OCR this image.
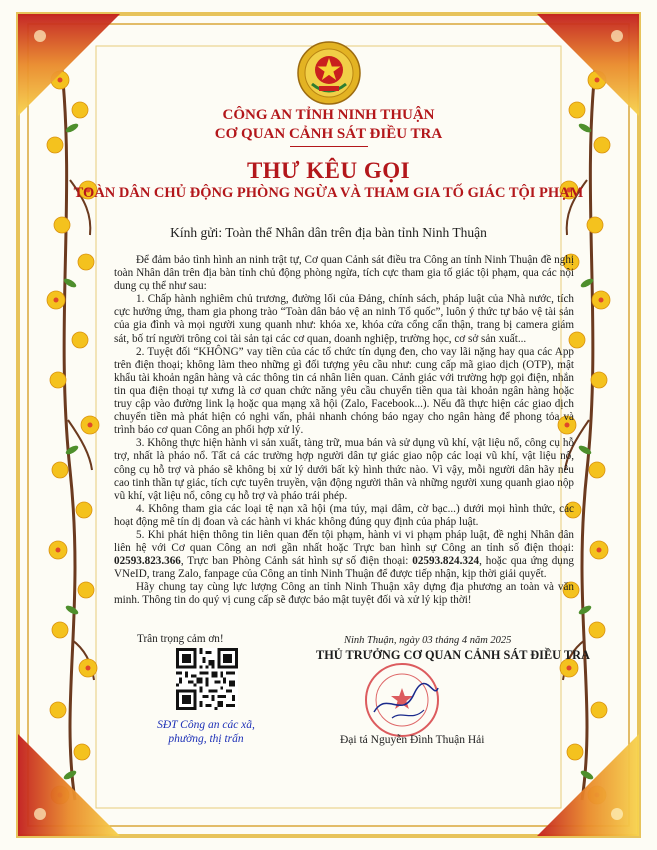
CÔNG AN TỈNH NINH THUẬN
CƠ QUAN CẢNH SÁT ĐIỀU TRA
THƯ KÊU GỌI
TOÀN DÂN CHỦ ĐỘNG PHÒNG NGỪA VÀ THAM GIA TỐ GIÁC TỘI PHẠM
Kính gửi: Toàn thể Nhân dân trên địa bàn tỉnh Ninh Thuận

Để đảm bảo tình hình an ninh trật tự, Cơ quan Cảnh sát điều tra Công an tỉnh Ninh Thuận đề nghị toàn Nhân dân trên địa bàn tỉnh chủ động phòng ngừa, tích cực tham gia tố giác tội phạm, qua các nội dung cụ thể như sau:

1. Chấp hành nghiêm chủ trương, đường lối của Đảng, chính sách, pháp luật của Nhà nước, tích cực hưởng ứng, tham gia phong trào “Toàn dân bảo vệ an ninh Tổ quốc”, luôn ý thức tự bảo vệ tài sản của gia đình và mọi người xung quanh như: khóa xe, khóa cửa cổng cẩn thận, trang bị camera giám sát, bố trí người trông coi tài sản tại các cơ quan, doanh nghiệp, trường học, cơ sở sản xuất...

2. Tuyệt đối “KHÔNG” vay tiền của các tổ chức tín dụng đen, cho vay lãi nặng hay qua các App trên điện thoại; không làm theo những gì đối tượng yêu cầu như: cung cấp mã giao dịch (OTP), mật khẩu tài khoản ngân hàng và các thông tin cá nhân liên quan. Cảnh giác với trường hợp gọi điện, nhắn tin qua điện thoại tự xưng là cơ quan chức năng yêu cầu chuyển tiền qua tài khoản ngân hàng hoặc truy cập vào đường link lạ hoặc qua mạng xã hội (Zalo, Facebook...). Nếu đã thực hiện các giao dịch chuyển tiền mà phát hiện có nghi vấn, phải nhanh chóng báo ngay cho ngân hàng để phong tỏa và trình báo cơ quan Công an phối hợp xử lý.

3. Không thực hiện hành vi sản xuất, tàng trữ, mua bán và sử dụng vũ khí, vật liệu nổ, công cụ hỗ trợ, nhất là pháo nổ. Tất cả các trường hợp người dân tự giác giao nộp các loại vũ khí, vật liệu nổ, công cụ hỗ trợ và pháo sẽ không bị xử lý dưới bất kỳ hình thức nào. Vì vậy, mỗi người dân hãy nêu cao tinh thần tự giác, tích cực tuyên truyền, vận động người thân và những người xung quanh giao nộp vũ khí, vật liệu nổ, công cụ hỗ trợ và pháo trái phép.

4. Không tham gia các loại tệ nạn xã hội (ma túy, mại dâm, cờ bạc...) dưới mọi hình thức, các hoạt động mê tín dị đoan và các hành vi khác không đúng quy định của pháp luật.

5. Khi phát hiện thông tin liên quan đến tội phạm, hành vi vi phạm pháp luật, đề nghị Nhân dân liên hệ với Cơ quan Công an nơi gần nhất hoặc Trực ban hình sự Công an tỉnh số điện thoại: 02593.823.366, Trực ban Phòng Cảnh sát hình sự số điện thoại: 02593.824.324, hoặc qua ứng dụng VNeID, trang Zalo, fanpage của Công an tỉnh Ninh Thuận để được tiếp nhận, kịp thời giải quyết.

Hãy chung tay cùng lực lượng Công an tỉnh Ninh Thuận xây dựng địa phương an toàn và văn minh. Thông tin do quý vị cung cấp sẽ được bảo mật tuyệt đối và xử lý kịp thời!

Trân trọng cảm ơn!
SĐT Công an các xã, phường, thị trấn
Ninh Thuận, ngày 03 tháng 4 năm 2025
THỦ TRƯỞNG CƠ QUAN CẢNH SÁT ĐIỀU TRA
Đại tá Nguyễn Đình Thuận Hải
